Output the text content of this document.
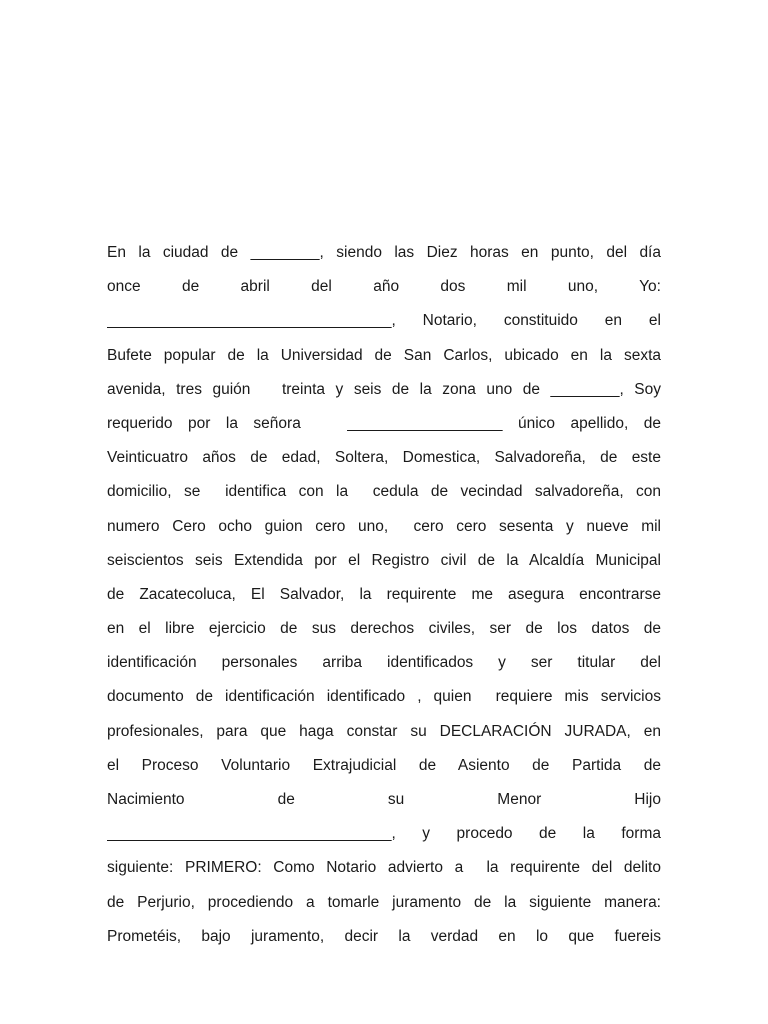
En la ciudad de ________, siendo las Diez horas en punto, del día
once de abril del año dos mil uno, Yo:
_________________________________, Notario, constituido en el
Bufete popular de la Universidad de San Carlos, ubicado en la sexta
avenida, tres guión   treinta y seis de la zona uno de ________, Soy
requerido por la señora   __________________ único apellido, de
Veinticuatro años de edad, Soltera, Domestica, Salvadoreña, de este
domicilio, se  identifica con la  cedula de vecindad salvadoreña, con
numero Cero ocho guion cero uno,  cero cero sesenta y nueve mil
seiscientos seis Extendida por el Registro civil de la Alcaldía Municipal
de Zacatecoluca, El Salvador, la requirente me asegura encontrarse
en el libre ejercicio de sus derechos civiles, ser de los datos de
identificación personales arriba identificados y ser titular del
documento de identificación identificado , quien  requiere mis servicios
profesionales, para que haga constar su DECLARACIÓN JURADA, en
el Proceso Voluntario Extrajudicial de Asiento de Partida de
Nacimiento de su Menor Hijo
_________________________________, y procedo de la forma
siguiente: PRIMERO: Como Notario advierto a  la requirente del delito
de Perjurio, procediendo a tomarle juramento de la siguiente manera:
Prometéis, bajo juramento, decir la verdad en lo que fuereis
